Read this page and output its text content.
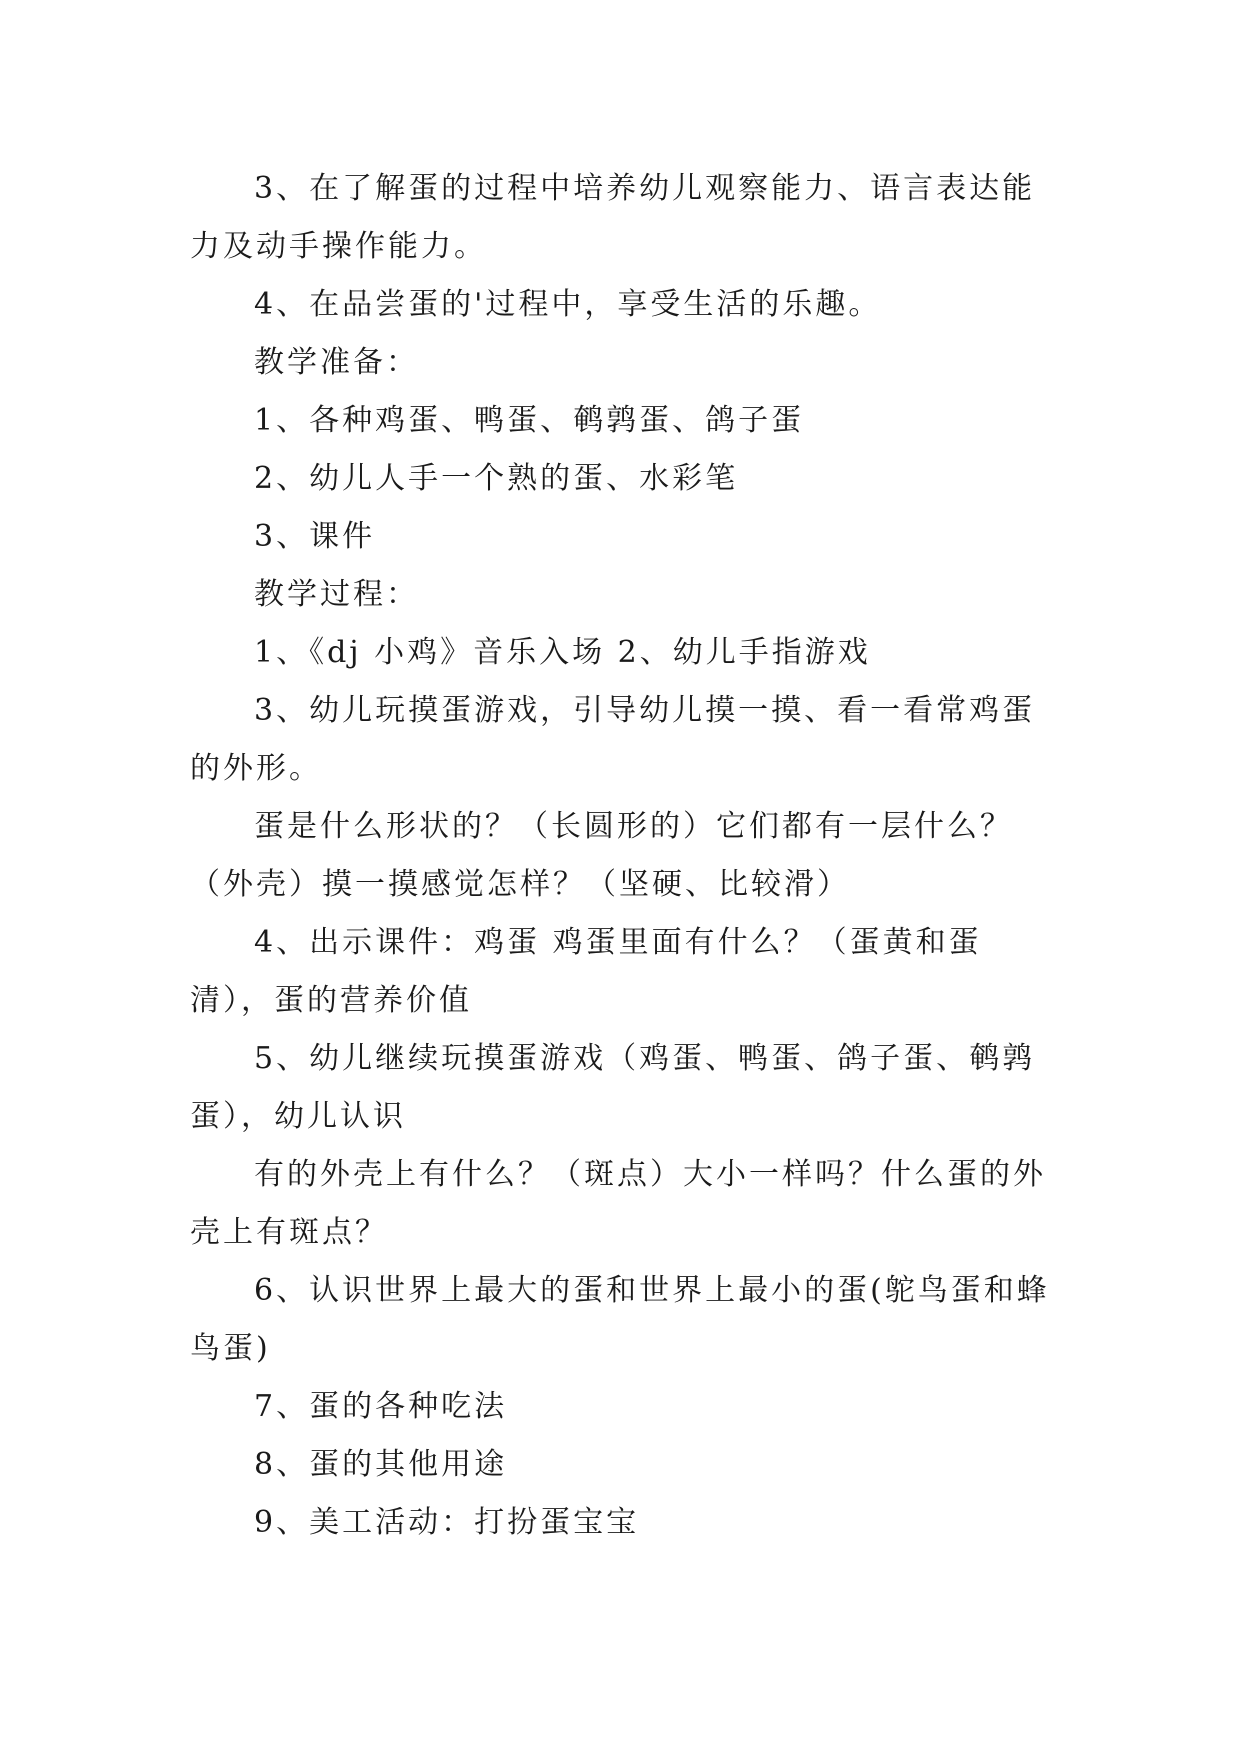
3、在了解蛋的过程中培养幼儿观察能力、语言表达能力及动手操作能力。

4、在品尝蛋的'过程中，享受生活的乐趣。

教学准备：

1、各种鸡蛋、鸭蛋、鹌鹑蛋、鸽子蛋

2、幼儿人手一个熟的蛋、水彩笔

3、课件

教学过程：

1、《dj 小鸡》音乐入场 2、幼儿手指游戏

3、幼儿玩摸蛋游戏，引导幼儿摸一摸、看一看常鸡蛋的外形。

蛋是什么形状的？（长圆形的）它们都有一层什么？（外壳）摸一摸感觉怎样？（坚硬、比较滑）

4、出示课件：鸡蛋 鸡蛋里面有什么？（蛋黄和蛋清），蛋的营养价值

5、幼儿继续玩摸蛋游戏（鸡蛋、鸭蛋、鸽子蛋、鹌鹑蛋），幼儿认识

有的外壳上有什么？（斑点）大小一样吗？什么蛋的外壳上有斑点？

6、认识世界上最大的蛋和世界上最小的蛋(鸵鸟蛋和蜂鸟蛋)

7、蛋的各种吃法

8、蛋的其他用途

9、美工活动：打扮蛋宝宝
